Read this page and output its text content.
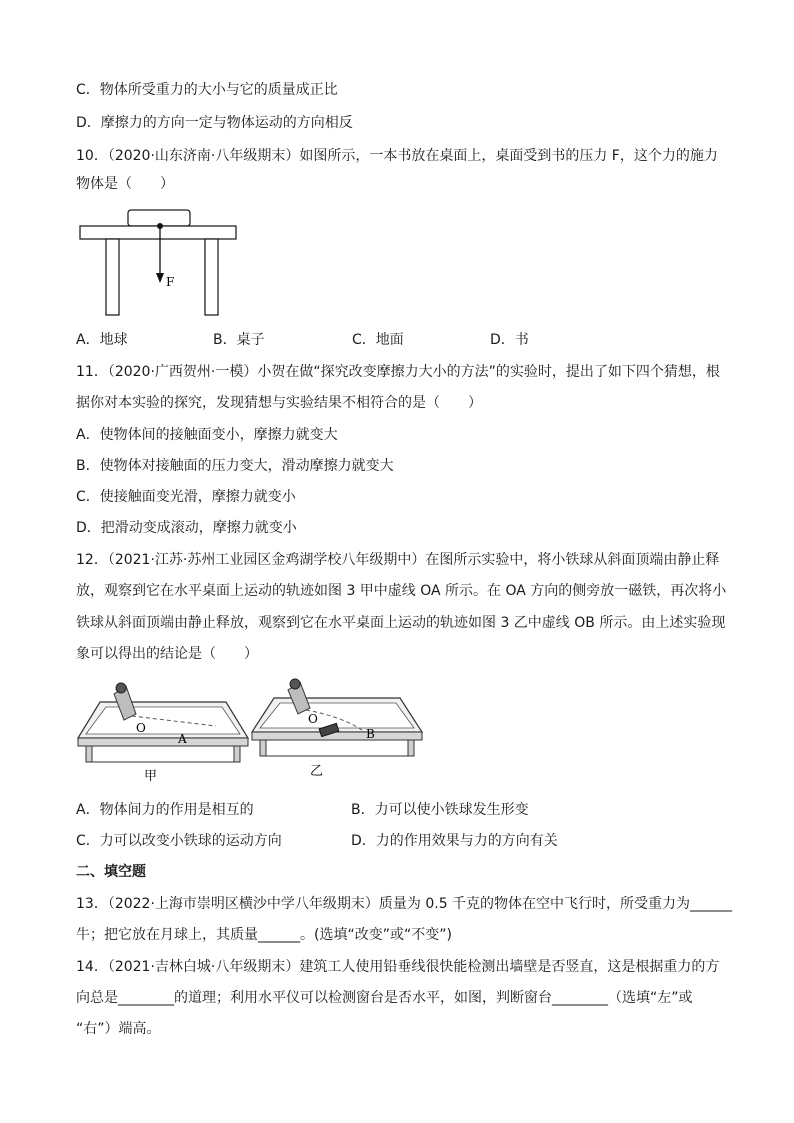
C．物体所受重力的大小与它的质量成正比
D．摩擦力的方向一定与物体运动的方向相反
10．（2020·山东济南·八年级期末）如图所示，一本书放在桌面上，桌面受到书的压力 F，这个力的施力
物体是（　　）
F
A．地球	B．桌子	C．地面	D．书
11．（2020·广西贺州·一模）小贺在做“探究改变摩擦力大小的方法”的实验时，提出了如下四个猜想，根
据你对本实验的探究，发现猜想与实验结果不相符合的是（　　）
A．使物体间的接触面变小，摩擦力就变大
B．使物体对接触面的压力变大，滑动摩擦力就变大
C．使接触面变光滑，摩擦力就变小
D．把滑动变成滚动，摩擦力就变小
12．（2021·江苏·苏州工业园区金鸡湖学校八年级期中）在图所示实验中，将小铁球从斜面顶端由静止释
放，观察到它在水平桌面上运动的轨迹如图 3 甲中虚线 OA 所示。在 OA 方向的侧旁放一磁铁，再次将小
铁球从斜面顶端由静止释放，观察到它在水平桌面上运动的轨迹如图 3 乙中虚线 OB 所示。由上述实验现
象可以得出的结论是（　　）
O
A
甲
O
B
乙
A．物体间力的作用是相互的	B．力可以使小铁球发生形变
C．力可以改变小铁球的运动方向	D．力的作用效果与力的方向有关
二、填空题
13．（2022·上海市崇明区横沙中学八年级期末）质量为 0.5 千克的物体在空中飞行时，所受重力为______
牛；把它放在月球上，其质量______。(选填“改变”或“不变”)
14．（2021·吉林白城·八年级期末）建筑工人使用铅垂线很快能检测出墙壁是否竖直，这是根据重力的方
向总是________的道理；利用水平仪可以检测窗台是否水平，如图，判断窗台________（选填“左”或
“右”）端高。
